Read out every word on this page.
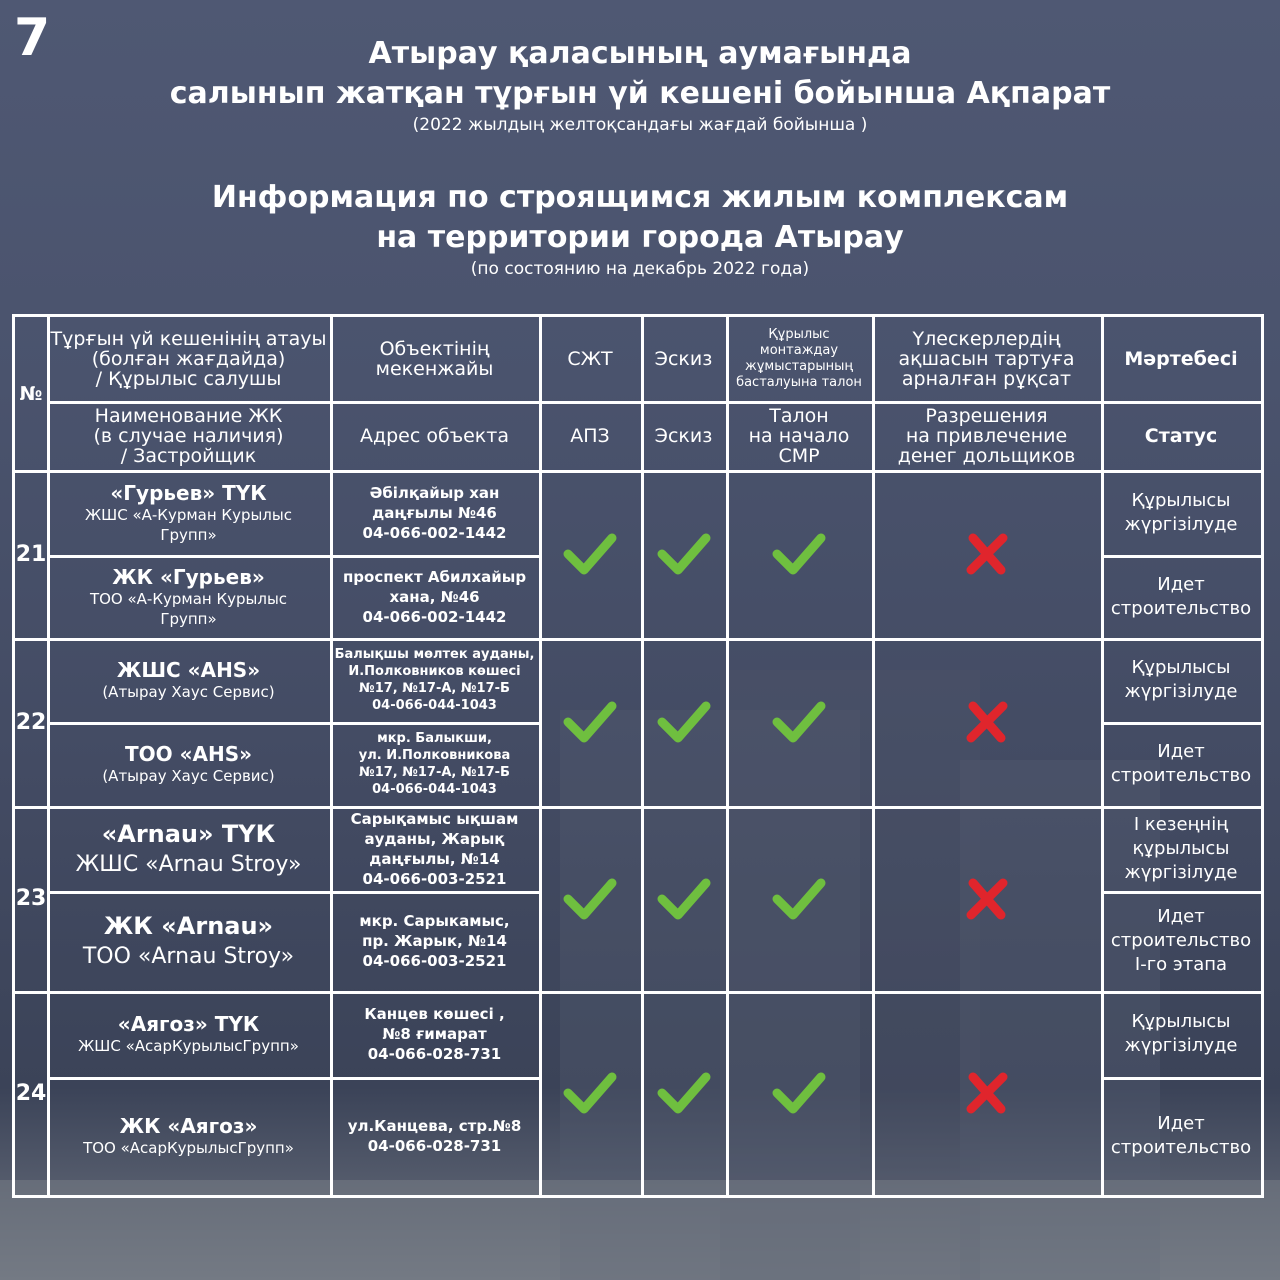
7	Атырау қаласының аумағында

салынып жатқан тұрғын үй кешені бойынша Ақпарат

(2022 жылдың желтоқсандағы жағдай бойынша )

Информация по строящимся жилым комплексам

на территории города Атырау

(по состоянию на декабрь 2022 года)

№
Тұрғын үй кешенінің атауы (болған жағдайда)
/ Құрылыс салушы
Наименование ЖК
(в случае наличия)
/ Застройщик
Объектінің
мекенжайы
Адрес объекта
СЖТ
АПЗ
Эскиз
Эскиз
Құрылыс
монтаждау
жұмыстарының
басталуына талон
Талон
на начало
СМР
Үлескерлердің
ақшасын тартуға
арналған рұқсат
Разрешения
на привлечение
денег дольщиков
Мәртебесі
Статус
21
«Гурьев» ТҮК
ЖШС «А-Курман Курылыс
Групп»
ЖК «Гурьев»
ТОО «А-Курман Курылыс
Групп»
Әбілқайыр хан
даңғылы №46
04-066-002-1442
проспект Абилхайыр
хана, №46
04-066-002-1442
Құрылысы
жүргізілуде
Идет
строительство
22
ЖШС «AHS»
(Атырау Хаус Сервис)
ТОО «AHS»
(Атырау Хаус Сервис)
Балықшы мөлтек ауданы,
И.Полковников көшесі
№17, №17-А, №17-Б
04-066-044-1043
мкр. Балыкши,
ул. И.Полковникова
№17, №17-А, №17-Б
04-066-044-1043
Құрылысы
жүргізілуде
Идет
строительство
23
«Arnau» ТҮК
ЖШС «Arnau Stroy»
ЖК «Arnau»
ТОО «Arnau Stroy»
Сарықамыс ықшам
ауданы, Жарық
даңғылы, №14
04-066-003-2521
мкр. Сарыкамыс,
пр. Жарык, №14
04-066-003-2521
І кезеңнің
құрылысы
жүргізілуде
Идет
строительство
I-го этапа
24
«Аягоз» ТҮК
ЖШС «АсарКурылысГрупп»
ЖК «Аягоз»
ТОО «АсарКурылысГрупп»
Канцев көшесі ,
№8 ғимарат
04-066-028-731
ул.Канцева, стр.№8
04-066-028-731
Құрылысы
жүргізілуде
Идет
строительство
